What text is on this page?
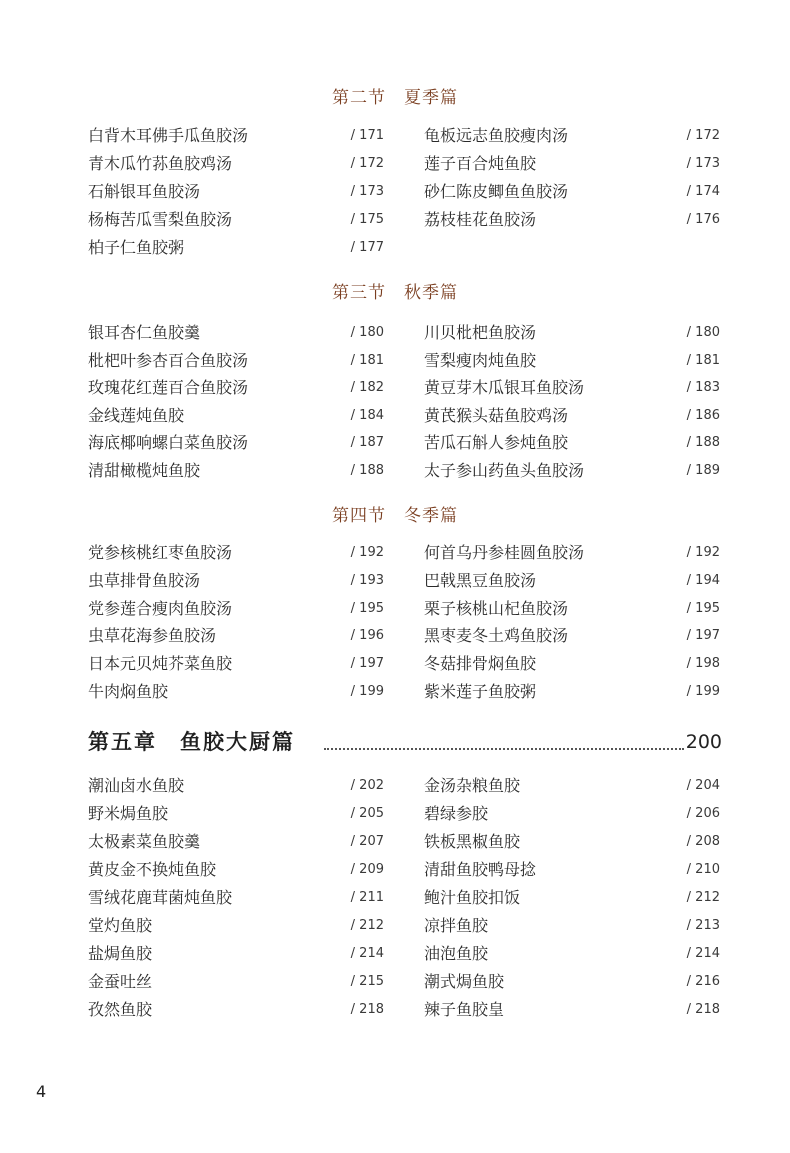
第二节　夏季篇
第三节　秋季篇
第四节　冬季篇
白背木耳佛手瓜鱼胶汤	/ 171	龟板远志鱼胶瘦肉汤	/ 172
青木瓜竹荪鱼胶鸡汤	/ 172	莲子百合炖鱼胶	/ 173
石斛银耳鱼胶汤	/ 173	砂仁陈皮鲫鱼鱼胶汤	/ 174
杨梅苦瓜雪梨鱼胶汤	/ 175	荔枝桂花鱼胶汤	/ 176
柏子仁鱼胶粥	/ 177
银耳杏仁鱼胶羹	/ 180	川贝枇杷鱼胶汤	/ 180
枇杷叶参杏百合鱼胶汤	/ 181	雪梨瘦肉炖鱼胶	/ 181
玫瑰花红莲百合鱼胶汤	/ 182	黄豆芽木瓜银耳鱼胶汤	/ 183
金线莲炖鱼胶	/ 184	黄芪猴头菇鱼胶鸡汤	/ 186
海底椰响螺白菜鱼胶汤	/ 187	苦瓜石斛人参炖鱼胶	/ 188
清甜橄榄炖鱼胶	/ 188	太子参山药鱼头鱼胶汤	/ 189
党参核桃红枣鱼胶汤	/ 192	何首乌丹参桂圆鱼胶汤	/ 192
虫草排骨鱼胶汤	/ 193	巴戟黑豆鱼胶汤	/ 194
党参莲合瘦肉鱼胶汤	/ 195	栗子核桃山杞鱼胶汤	/ 195
虫草花海参鱼胶汤	/ 196	黑枣麦冬土鸡鱼胶汤	/ 197
日本元贝炖芥菜鱼胶	/ 197	冬菇排骨焖鱼胶	/ 198
牛肉焖鱼胶	/ 199	紫米莲子鱼胶粥	/ 199
潮汕卤水鱼胶	/ 202	金汤杂粮鱼胶	/ 204
野米焗鱼胶	/ 205	碧绿参胶	/ 206
太极素菜鱼胶羹	/ 207	铁板黑椒鱼胶	/ 208
黄皮金不换炖鱼胶	/ 209	清甜鱼胶鸭母捻	/ 210
雪绒花鹿茸菌炖鱼胶	/ 211	鲍汁鱼胶扣饭	/ 212
堂灼鱼胶	/ 212	凉拌鱼胶	/ 213
盐焗鱼胶	/ 214	油泡鱼胶	/ 214
金蚕吐丝	/ 215	潮式焗鱼胶	/ 216
孜然鱼胶	/ 218	辣子鱼胶皇	/ 218
第五章　鱼胶大厨篇	200
4
